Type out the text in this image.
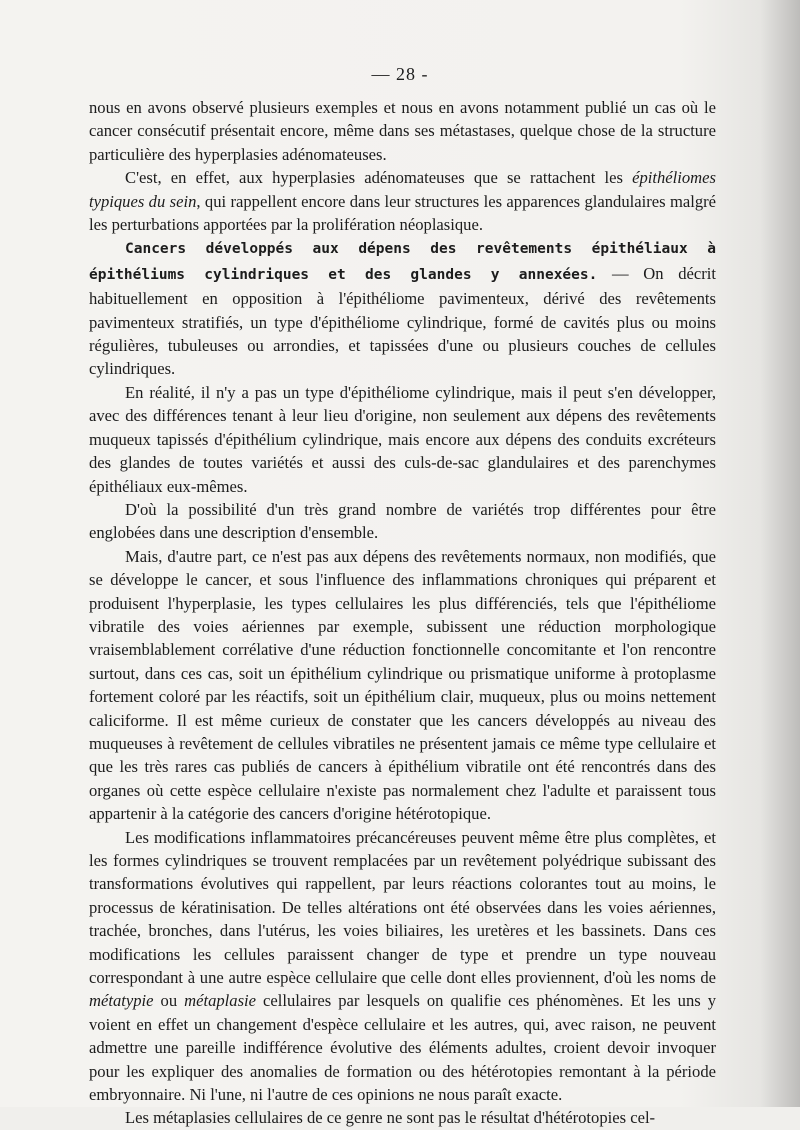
— 28 -

nous en avons observé plusieurs exemples et nous en avons notamment publié un cas où le cancer consécutif présentait encore, même dans ses métastases, quelque chose de la structure particulière des hyperplasies adénomateuses.

C'est, en effet, aux hyperplasies adénomateuses que se rattachent les épithéliomes typiques du sein, qui rappellent encore dans leur structures les apparences glandulaires malgré les perturbations apportées par la prolifération néoplasique.

Cancers développés aux dépens des revêtements épithéliaux à épithéliums cylindriques et des glandes y annexées. — On décrit habituellement en opposition à l'épithéliome pavimenteux, dérivé des revêtements pavimenteux stratifiés, un type d'épithéliome cylindrique, formé de cavités plus ou moins régulières, tubuleuses ou arrondies, et tapissées d'une ou plusieurs couches de cellules cylindriques.

En réalité, il n'y a pas un type d'épithéliome cylindrique, mais il peut s'en développer, avec des différences tenant à leur lieu d'origine, non seulement aux dépens des revêtements muqueux tapissés d'épithélium cylindrique, mais encore aux dépens des conduits excréteurs des glandes de toutes variétés et aussi des culs-de-sac glandulaires et des parenchymes épithéliaux eux-mêmes.

D'où la possibilité d'un très grand nombre de variétés trop différentes pour être englobées dans une description d'ensemble.

Mais, d'autre part, ce n'est pas aux dépens des revêtements normaux, non modifiés, que se développe le cancer, et sous l'influence des inflammations chroniques qui préparent et produisent l'hyperplasie, les types cellulaires les plus différenciés, tels que l'épithéliome vibratile des voies aériennes par exemple, subissent une réduction morphologique vraisemblablement corrélative d'une réduction fonctionnelle concomitante et l'on rencontre surtout, dans ces cas, soit un épithélium cylindrique ou prismatique uniforme à protoplasme fortement coloré par les réactifs, soit un épithélium clair, muqueux, plus ou moins nettement caliciforme. Il est même curieux de constater que les cancers développés au niveau des muqueuses à revêtement de cellules vibratiles ne présentent jamais ce même type cellulaire et que les très rares cas publiés de cancers à épithélium vibratile ont été rencontrés dans des organes où cette espèce cellulaire n'existe pas normalement chez l'adulte et paraissent tous appartenir à la catégorie des cancers d'origine hétérotopique.

Les modifications inflammatoires précancéreuses peuvent même être plus complètes, et les formes cylindriques se trouvent remplacées par un revêtement polyédrique subissant des transformations évolutives qui rappellent, par leurs réactions colorantes tout au moins, le processus de kératinisation. De telles altérations ont été observées dans les voies aériennes, trachée, bronches, dans l'utérus, les voies biliaires, les uretères et les bassinets. Dans ces modifications les cellules paraissent changer de type et prendre un type nouveau correspondant à une autre espèce cellulaire que celle dont elles proviennent, d'où les noms de métatypie ou métaplasie cellulaires par lesquels on qualifie ces phénomènes. Et les uns y voient en effet un changement d'espèce cellulaire et les autres, qui, avec raison, ne peuvent admettre une pareille indifférence évolutive des éléments adultes, croient devoir invoquer pour les expliquer des anomalies de formation ou des hétérotopies remontant à la période embryonnaire. Ni l'une, ni l'autre de ces opinions ne nous paraît exacte.

Les métaplasies cellulaires de ce genre ne sont pas le résultat d'hétérotopies cel-
